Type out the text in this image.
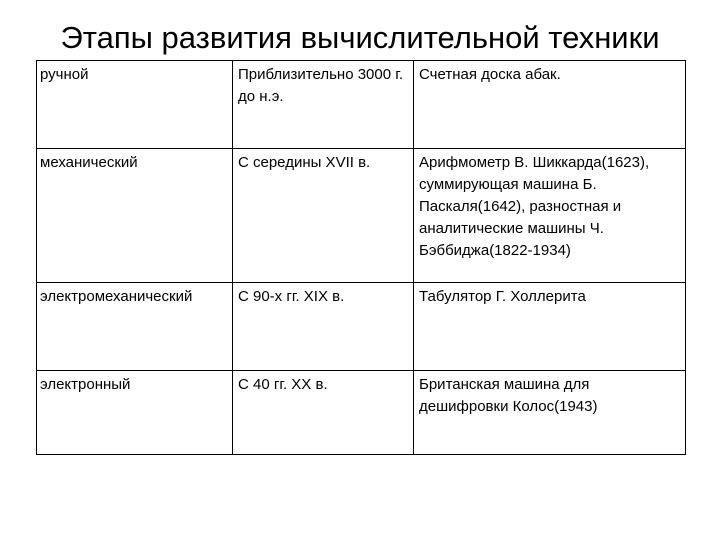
Этапы развития вычислительной техники
ручной	Приблизительно 3000 г. до н.э.	Счетная доска абак.
механический	С середины XVII в.	Арифмометр В. Шиккарда(1623), суммирующая машина Б. Паскаля(1642), разностная и аналитические машины Ч. Бэббиджа(1822-1934)
электромеханический	С 90-х гг. XIX в.	Табулятор Г. Холлерита
электронный	С 40 гг. XX в.	Британская машина для дешифровки Колос(1943)
